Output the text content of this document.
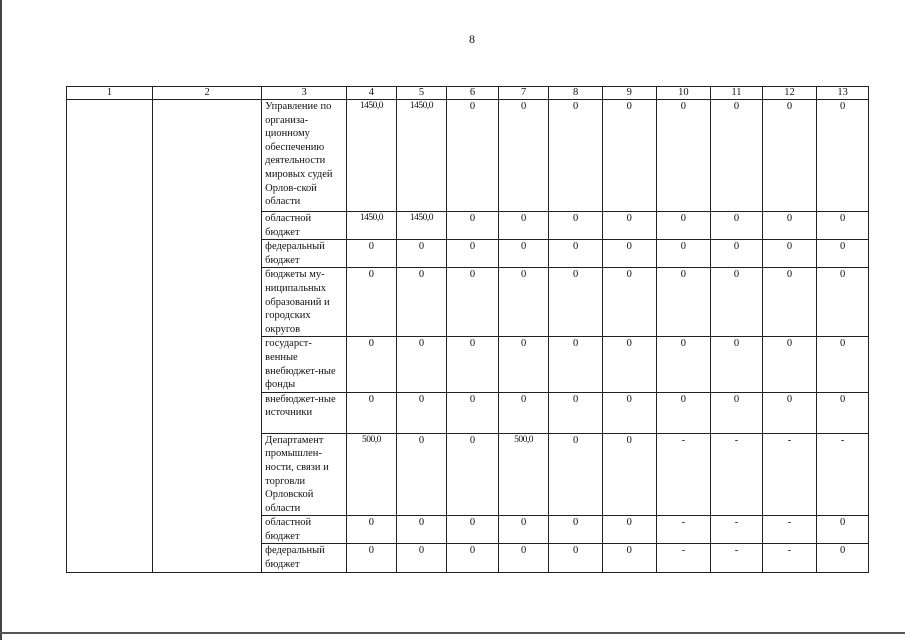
8
1	2	3	4	5	6	7	8	9	10	11	12	13
		Управление по организа-ционному обеспечению деятельности мировых судей Орлов-ской области	1450,0	1450,0	0	0	0	0	0	0	0	0
		областной бюджет	1450,0	1450,0	0	0	0	0	0	0	0	0
		федеральный бюджет	0	0	0	0	0	0	0	0	0	0
		бюджеты му-ниципальных образований и городских округов	0	0	0	0	0	0	0	0	0	0
		государст-венные внебюджет-ные фонды	0	0	0	0	0	0	0	0	0	0
		внебюджет-ные источники	0	0	0	0	0	0	0	0	0	0
		Департамент промышлен-ности, связи и торговли Орловской области	500,0	0	0	500,0	0	0	-	-	-	-
		областной бюджет	0	0	0	0	0	0	-	-	-	0
		федеральный бюджет	0	0	0	0	0	0	-	-	-	0
